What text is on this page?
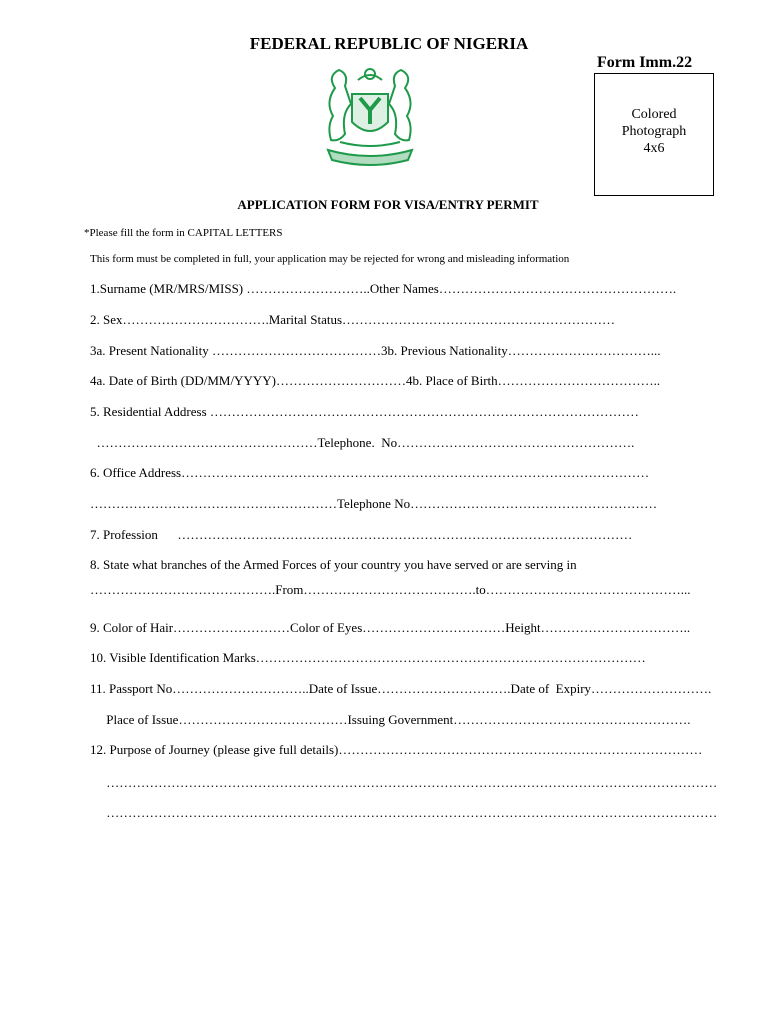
FEDERAL REPUBLIC OF NIGERIA
Form Imm.22
Colored
Photograph
4x6
APPLICATION FORM FOR VISA/ENTRY PERMIT
*Please fill the form in CAPITAL LETTERS
This form must be completed in full, your application may be rejected for wrong and misleading information
1.Surname (MR/MRS/MISS) ………………………..Other Names……………………………………………….
2. Sex…………………………….Marital Status………………………………………………………
3a. Present Nationality …………………………………3b. Previous Nationality……………………………...
4a. Date of Birth (DD/MM/YYYY)…………………………4b. Place of Birth………………………………..
5. Residential Address ………………………………………………………………………………………
……………………………………………Telephone.  No……………………………………………….
6. Office Address………………………………………………………………………………………………
…………………………………………………Telephone No…………………………………………………
7. Profession      ……………………………………………………………………………………………
8. State what branches of the Armed Forces of your country you have served or are serving in
…………………………………….From………………………………….to………………………………………...
9. Color of Hair………………………Color of Eyes……………………………Height……………………………..
10. Visible Identification Marks………………………………………………………………………………
11. Passport No…………………………..Date of Issue………………………….Date of  Expiry……………………….
Place of Issue…………………………………Issuing Government……………………………………………….
12. Purpose of Journey (please give full details)…………………………………………………………………………
……………………………………………………………………………………………………………………………
……………………………………………………………………………………………………………………………
